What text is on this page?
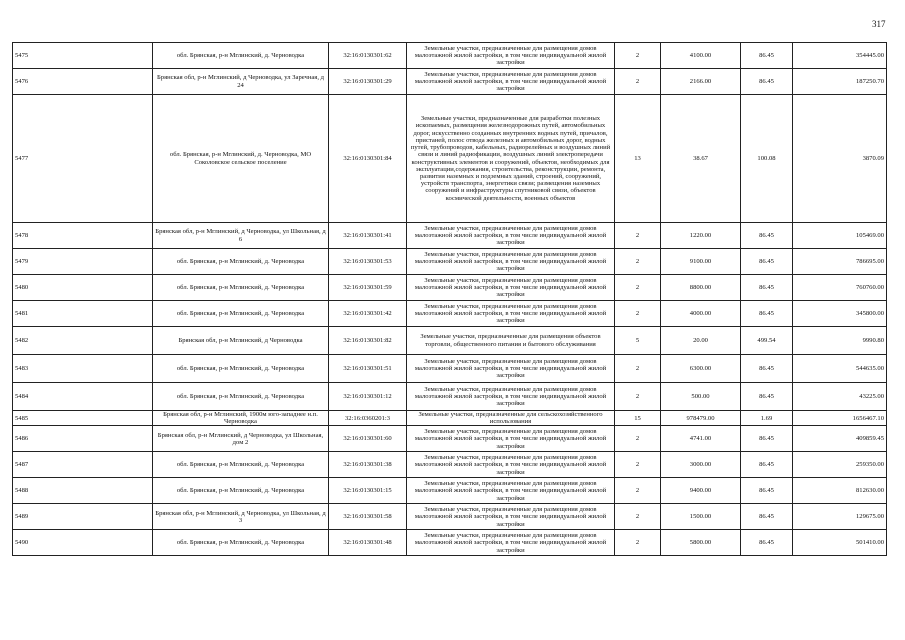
317
5475	обл. Брянская, р-н Мглинский, д. Черноводка	32:16:0130301:62	Земельные участки, предназначенные для размещения домов малоэтажной жилой застройки, в том числе индивидуальной жилой застройки	2	4100.00	86.45	354445.00
5476	Брянская обл, р-н Мглинский, д Черноводка, ул Заречная, д 24	32:16:0130301:29	Земельные участки, предназначенные для размещения домов малоэтажной жилой застройки, в том числе индивидуальной жилой застройки	2	2166.00	86.45	187250.70
5477	обл. Брянская, р-н Мглинский, д. Черноводка, МО Соколовское сельское поселение	32:16:0130301:84	Земельные участки, предназначенные для разработки полезных ископаемых, размещения железнодорожных путей, автомобильных дорог, искусственно созданных внутренних водных путей, причалов, пристаней, полос отвода железных и автомобильных дорог, водных путей, трубопроводов, кабельных, радиорелейных и воздушных линий связи и линий радиофикации, воздушных линий электропередачи конструктивных элементов и сооружений, объектов, необходимых для эксплуатации,содержания, строительства, реконструкции, ремонта, развития наземных и подземных зданий, строений, сооружений, устройств транспорта, энергетики связи; размещения наземных сооружений и инфраструктуры спутниковой связи, объектов космической деятельности, военных объектов	13	38.67	100.08	3870.09
5478	Брянская обл, р-н Мглинский, д Черноводка, ул Школьная, д 6	32:16:0130301:41	Земельные участки, предназначенные для размещения домов малоэтажной жилой застройки, в том числе индивидуальной жилой застройки	2	1220.00	86.45	105469.00
5479	обл. Брянская, р-н Мглинский, д. Черноводка	32:16:0130301:53	Земельные участки, предназначенные для размещения домов малоэтажной жилой застройки, в том числе индивидуальной жилой застройки	2	9100.00	86.45	786695.00
5480	обл. Брянская, р-н Мглинский, д. Черноводка	32:16:0130301:59	Земельные участки, предназначенные для размещения домов малоэтажной жилой застройки, в том числе индивидуальной жилой застройки	2	8800.00	86.45	760760.00
5481	обл. Брянская, р-н Мглинский, д. Черноводка	32:16:0130301:42	Земельные участки, предназначенные для размещения домов малоэтажной жилой застройки, в том числе индивидуальной жилой застройки	2	4000.00	86.45	345800.00
5482	Брянская обл, р-н Мглинский, д Черноводка	32:16:0130301:82	Земельные участки, предназначенные для размещения объектов торговли, общественного питания и бытового обслуживания	5	20.00	499.54	9990.80
5483	обл. Брянская, р-н Мглинский, д. Черноводка	32:16:0130301:51	Земельные участки, предназначенные для размещения домов малоэтажной жилой застройки, в том числе индивидуальной жилой застройки	2	6300.00	86.45	544635.00
5484	обл. Брянская, р-н Мглинский, д. Черноводка	32:16:0130301:12	Земельные участки, предназначенные для размещения домов малоэтажной жилой застройки, в том числе индивидуальной жилой застройки	2	500.00	86.45	43225.00
5485	Брянская обл, р-н Мглинский, 1900м юго-западнее н.п. Черноводка	32:16:0360201:3	Земельные участки, предназначенные для сельскохозяйственного использования	15	978479.00	1.69	1656467.10
5486	Брянская обл, р-н Мглинский, д Черноводка, ул Школьная, дом 2	32:16:0130301:60	Земельные участки, предназначенные для размещения домов малоэтажной жилой застройки, в том числе индивидуальной жилой застройки	2	4741.00	86.45	409859.45
5487	обл. Брянская, р-н Мглинский, д. Черноводка	32:16:0130301:38	Земельные участки, предназначенные для размещения домов малоэтажной жилой застройки, в том числе индивидуальной жилой застройки	2	3000.00	86.45	259350.00
5488	обл. Брянская, р-н Мглинский, д. Черноводка	32:16:0130301:15	Земельные участки, предназначенные для размещения домов малоэтажной жилой застройки, в том числе индивидуальной жилой застройки	2	9400.00	86.45	812630.00
5489	Брянская обл, р-н Мглинский, д Черноводка, ул Школьная, д 3	32:16:0130301:58	Земельные участки, предназначенные для размещения домов малоэтажной жилой застройки, в том числе индивидуальной жилой застройки	2	1500.00	86.45	129675.00
5490	обл. Брянская, р-н Мглинский, д. Черноводка	32:16:0130301:48	Земельные участки, предназначенные для размещения домов малоэтажной жилой застройки, в том числе индивидуальной жилой застройки	2	5800.00	86.45	501410.00
